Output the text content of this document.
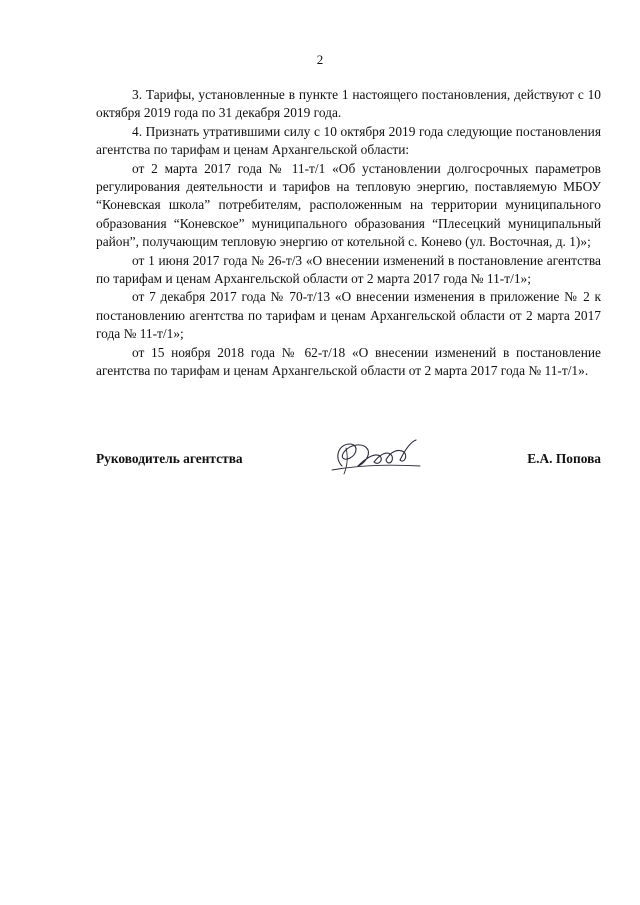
2

3. Тарифы, установленные в пункте 1 настоящего постановления, действуют с 10 октября 2019 года по 31 декабря 2019 года.

4. Признать утратившими силу с 10 октября 2019 года следующие постановления агентства по тарифам и ценам Архангельской области:

от 2 марта 2017 года № 11-т/1 «Об установлении долгосрочных параметров регулирования деятельности и тарифов на тепловую энергию, поставляемую МБОУ “Коневская школа” потребителям, расположенным на территории муниципального образования “Коневское” муниципального образования “Плесецкий муниципальный район”, получающим тепловую энергию от котельной с. Конево (ул. Восточная, д. 1)»;

от 1 июня 2017 года № 26-т/3 «О внесении изменений в постановление агентства по тарифам и ценам Архангельской области от 2 марта 2017 года № 11-т/1»;

от 7 декабря 2017 года № 70-т/13 «О внесении изменения в приложение № 2 к постановлению агентства по тарифам и ценам Архангельской области от 2 марта 2017 года № 11-т/1»;

от 15 ноября 2018 года № 62-т/18 «О внесении изменений в постановление агентства по тарифам и ценам Архангельской области от 2 марта 2017 года № 11-т/1».

Руководитель агентства	Е.А. Попова
